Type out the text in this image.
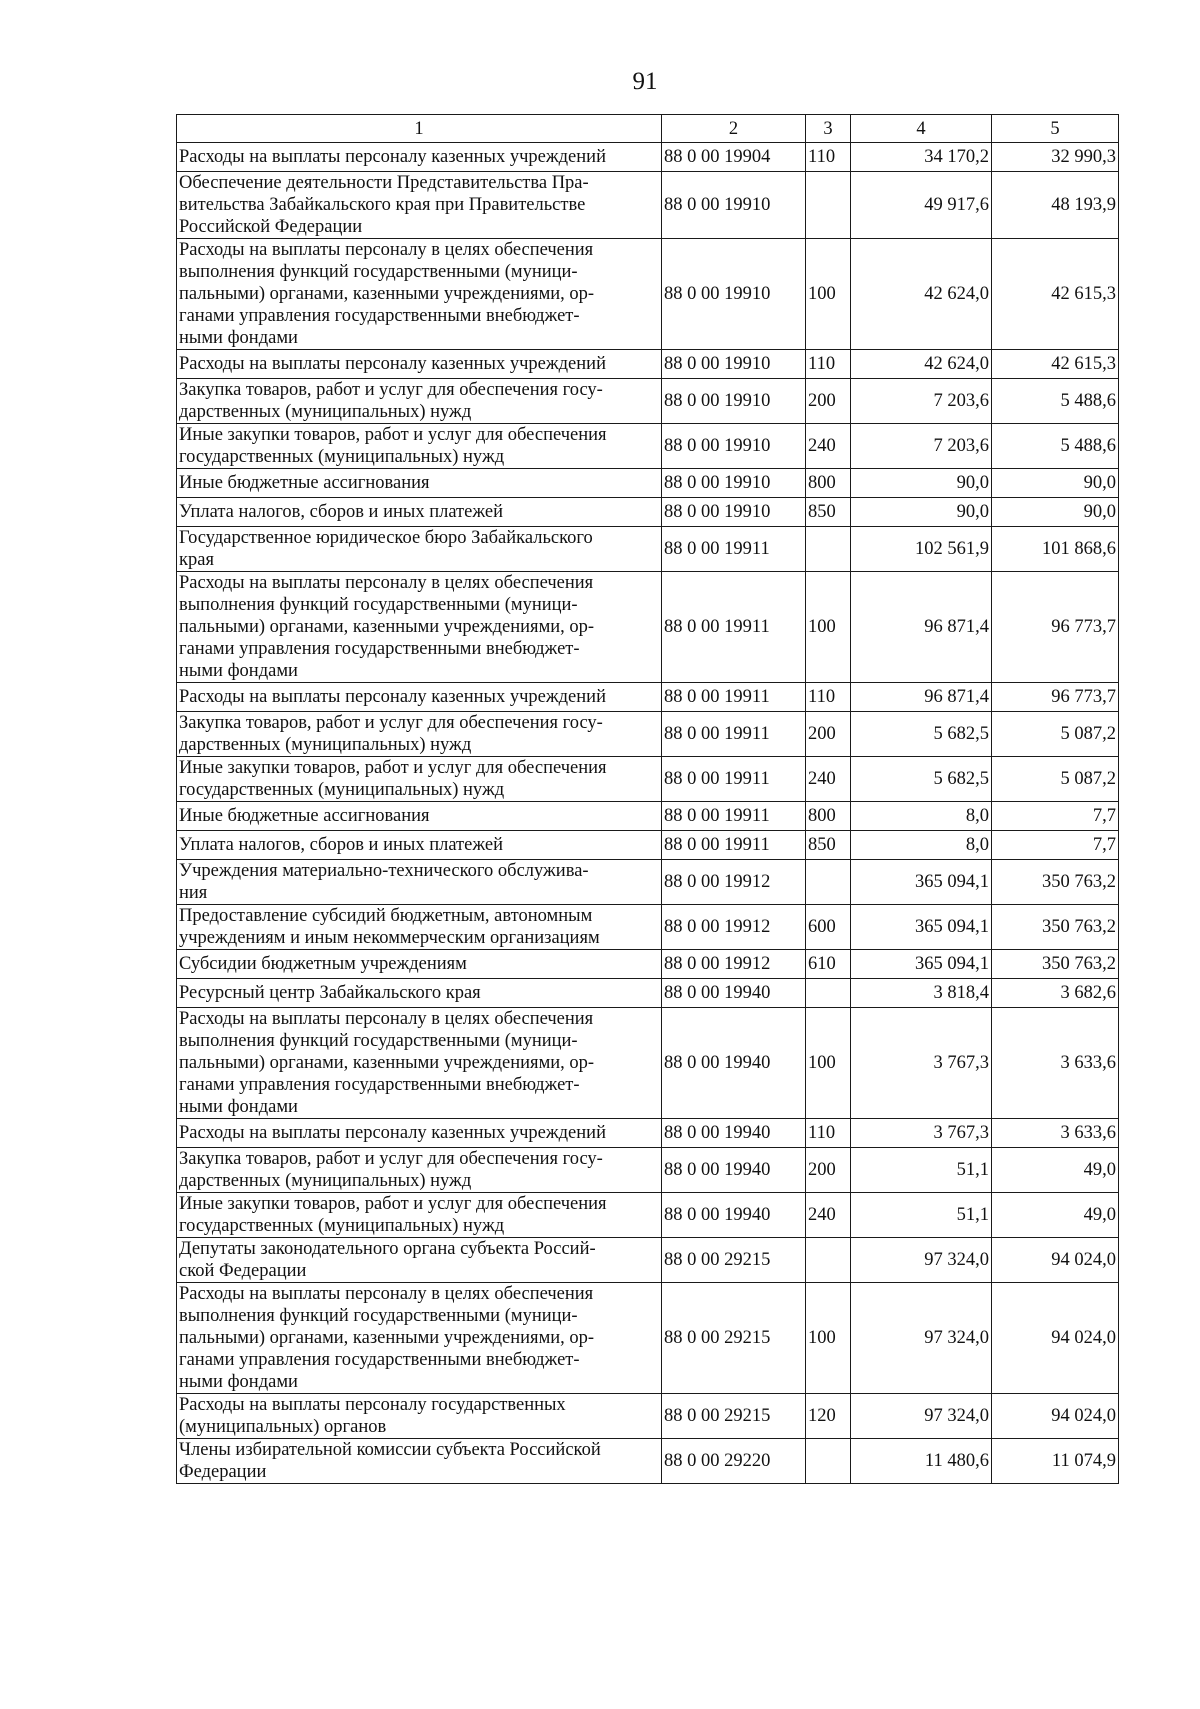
91
1	2	3	4	5

Расходы на выплаты персоналу казенных учреждений	88 0 00 19904	110	34 170,2	32 990,3

Обеспечение деятельности Представительства Пра-
вительства Забайкальского края при Правительстве
Российской Федерации	88 0 00 19910		49 917,6	48 193,9

Расходы на выплаты персоналу в целях обеспечения
выполнения функций государственными (муници-
пальными) органами, казенными учреждениями, ор-
ганами управления государственными внебюджет-
ными фондами	88 0 00 19910	100	42 624,0	42 615,3

Расходы на выплаты персоналу казенных учреждений	88 0 00 19910	110	42 624,0	42 615,3

Закупка товаров, работ и услуг для обеспечения госу-
дарственных (муниципальных) нужд	88 0 00 19910	200	7 203,6	5 488,6

Иные закупки товаров, работ и услуг для обеспечения
государственных (муниципальных) нужд	88 0 00 19910	240	7 203,6	5 488,6

Иные бюджетные ассигнования	88 0 00 19910	800	90,0	90,0

Уплата налогов, сборов и иных платежей	88 0 00 19910	850	90,0	90,0

Государственное юридическое бюро Забайкальского
края	88 0 00 19911		102 561,9	101 868,6

Расходы на выплаты персоналу в целях обеспечения
выполнения функций государственными (муници-
пальными) органами, казенными учреждениями, ор-
ганами управления государственными внебюджет-
ными фондами	88 0 00 19911	100	96 871,4	96 773,7

Расходы на выплаты персоналу казенных учреждений	88 0 00 19911	110	96 871,4	96 773,7

Закупка товаров, работ и услуг для обеспечения госу-
дарственных (муниципальных) нужд	88 0 00 19911	200	5 682,5	5 087,2

Иные закупки товаров, работ и услуг для обеспечения
государственных (муниципальных) нужд	88 0 00 19911	240	5 682,5	5 087,2

Иные бюджетные ассигнования	88 0 00 19911	800	8,0	7,7

Уплата налогов, сборов и иных платежей	88 0 00 19911	850	8,0	7,7

Учреждения материально-технического обслужива-
ния	88 0 00 19912		365 094,1	350 763,2

Предоставление субсидий бюджетным, автономным
учреждениям и иным некоммерческим организациям	88 0 00 19912	600	365 094,1	350 763,2

Субсидии бюджетным учреждениям	88 0 00 19912	610	365 094,1	350 763,2

Ресурсный центр Забайкальского края	88 0 00 19940		3 818,4	3 682,6

Расходы на выплаты персоналу в целях обеспечения
выполнения функций государственными (муници-
пальными) органами, казенными учреждениями, ор-
ганами управления государственными внебюджет-
ными фондами	88 0 00 19940	100	3 767,3	3 633,6

Расходы на выплаты персоналу казенных учреждений	88 0 00 19940	110	3 767,3	3 633,6

Закупка товаров, работ и услуг для обеспечения госу-
дарственных (муниципальных) нужд	88 0 00 19940	200	51,1	49,0

Иные закупки товаров, работ и услуг для обеспечения
государственных (муниципальных) нужд	88 0 00 19940	240	51,1	49,0

Депутаты законодательного органа субъекта Россий-
ской Федерации	88 0 00 29215		97 324,0	94 024,0

Расходы на выплаты персоналу в целях обеспечения
выполнения функций государственными (муници-
пальными) органами, казенными учреждениями, ор-
ганами управления государственными внебюджет-
ными фондами	88 0 00 29215	100	97 324,0	94 024,0

Расходы на выплаты персоналу государственных
(муниципальных) органов	88 0 00 29215	120	97 324,0	94 024,0

Члены избирательной комиссии субъекта Российской
Федерации	88 0 00 29220		11 480,6	11 074,9
